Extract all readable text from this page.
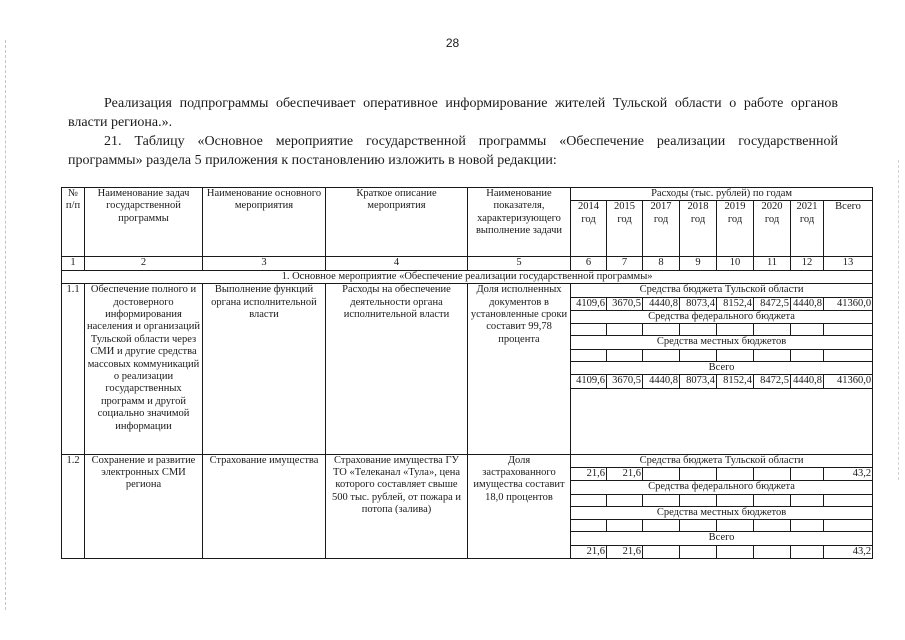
28

Реализация подпрограммы обеспечивает оперативное информирование жителей Тульской области о работе органов власти региона.».

21. Таблицу «Основное мероприятие государственной программы «Обеспечение реализации государственной программы» раздела 5 приложения к постановлению изложить в новой редакции:

№ п/п	Наименование задач государственной программы	Наименование основного мероприятия	Краткое описание мероприятия	Наименование показателя, характеризующего выполнение задачи	Расходы (тыс. рублей) по годам							
					2014 год	2015 год	2017 год	2018 год	2019 год	2020 год	2021 год	Всего
1	2	3	4	5	6	7	8	9	10	11	12	13
1. Основное мероприятие «Обеспечение реализации государственной программы»												
1.1	Обеспечение полного и достоверного информирования населения и организаций Тульской области через СМИ и другие средства массовых коммуникаций о реализации государственных программ и другой социально значимой информации	Выполнение функций органа исполнительной власти	Расходы на обеспечение деятельности органа исполнительной власти	Доля исполненных документов в установленные сроки составит 99,78 процента	Средства бюджета Тульской области							
					4109,6	3670,5	4440,8	8073,4	8152,4	8472,5	4440,8	41360,0
					Средства федерального бюджета							

					Средства местных бюджетов							

					Всего							
					4109,6	3670,5	4440,8	8073,4	8152,4	8472,5	4440,8	41360,0

1.2	Сохранение и развитие электронных СМИ региона	Страхование имущества	Страхование имущества ГУ ТО «Телеканал «Тула», цена которого составляет свыше 500 тыс. рублей, от пожара и потопа (залива)	Доля застрахованного имущества составит 18,0 процентов	Средства бюджета Тульской области							
					21,6	21,6						43,2
					Средства федерального бюджета							

					Средства местных бюджетов							

					Всего							
					21,6	21,6						43,2
